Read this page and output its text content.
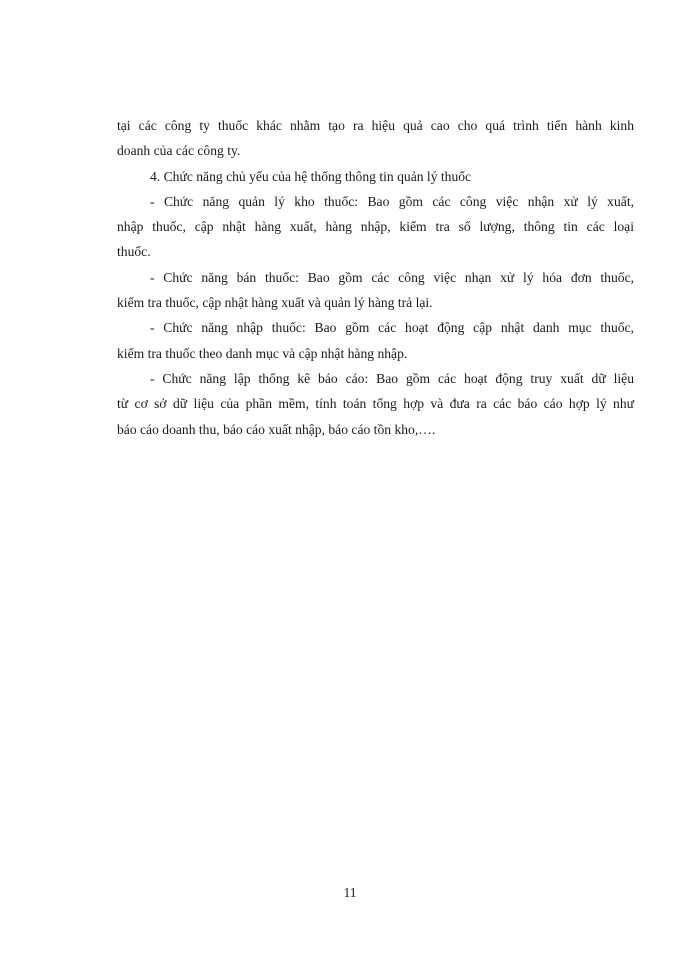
tại các công ty thuốc khác nhằm tạo ra hiệu quả cao cho quá trình tiến hành kinh
doanh của các công ty.
4. Chức năng chủ yếu của hệ thống thông tin quản lý thuốc
- Chức năng quản lý kho thuốc: Bao gồm các công việc nhận xử lý xuất,
nhập thuốc, cập nhật hàng xuất, hàng nhập, kiểm tra số lượng, thông tin các loại
thuốc.
- Chức năng bán thuốc: Bao gồm các công việc nhạn xử lý hóa đơn thuốc,
kiểm tra thuốc, cập nhật hàng xuất và quản lý hàng trả lại.
- Chức năng nhập thuốc: Bao gồm các hoạt động cập nhật danh mục thuốc,
kiểm tra thuốc theo danh mục và cập nhật hàng nhập.
- Chức năng lập thống kê báo cáo: Bao gồm các hoạt động truy xuất dữ liệu
từ cơ sở dữ liệu của phần mềm, tính toán tổng hợp và đưa ra các báo cáo hợp lý như
báo cáo doanh thu, báo cáo xuất nhập, báo cáo tồn kho,….
11
